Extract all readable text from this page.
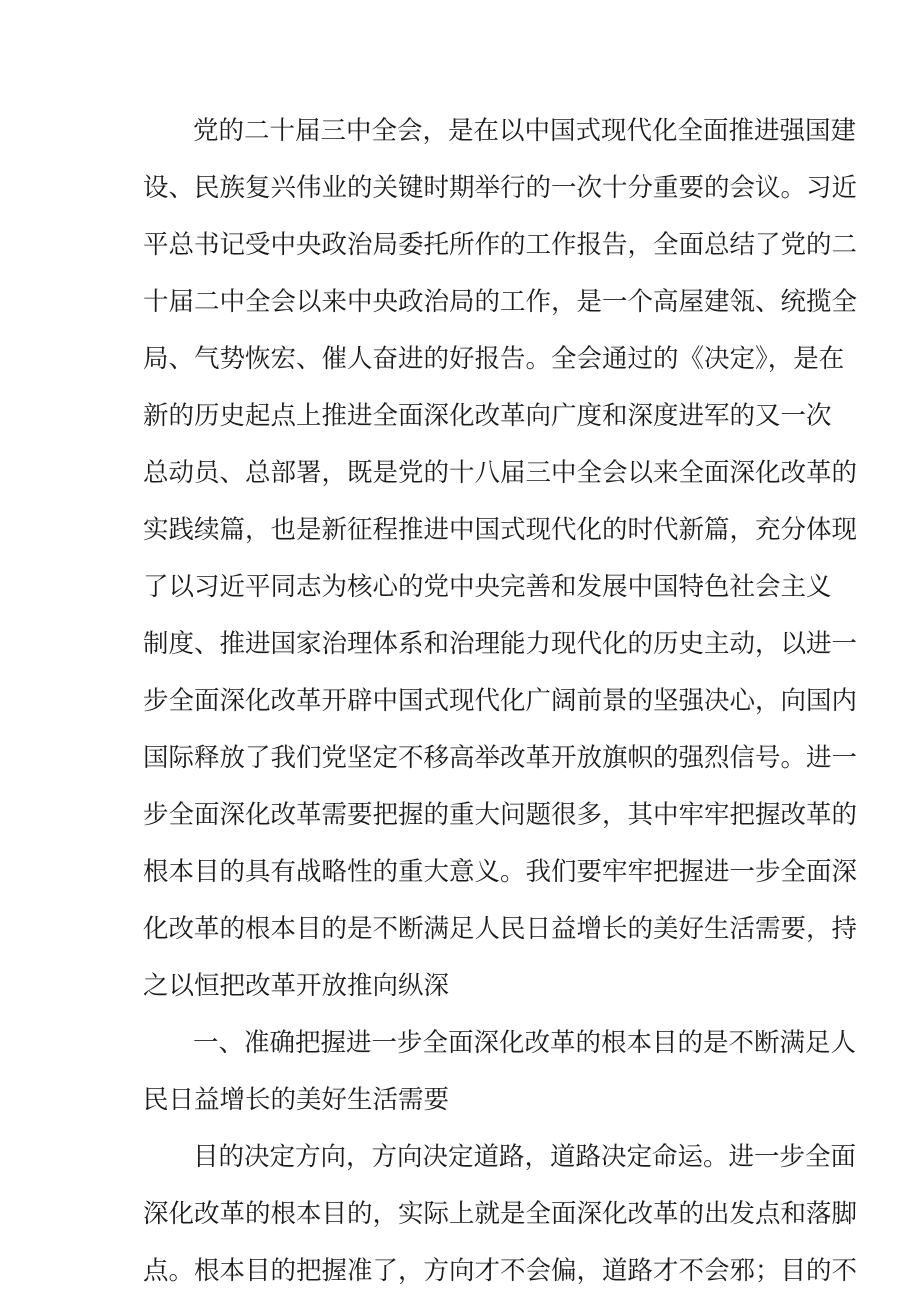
党的二十届三中全会，是在以中国式现代化全面推进强国建
设、民族复兴伟业的关键时期举行的一次十分重要的会议。习近
平总书记受中央政治局委托所作的工作报告，全面总结了党的二
十届二中全会以来中央政治局的工作，是一个高屋建瓴、统揽全
局、气势恢宏、催人奋进的好报告。全会通过的《决定》，是在
新的历史起点上推进全面深化改革向广度和深度进军的又一次
总动员、总部署，既是党的十八届三中全会以来全面深化改革的
实践续篇，也是新征程推进中国式现代化的时代新篇，充分体现
了以习近平同志为核心的党中央完善和发展中国特色社会主义
制度、推进国家治理体系和治理能力现代化的历史主动，以进一
步全面深化改革开辟中国式现代化广阔前景的坚强决心，向国内
国际释放了我们党坚定不移高举改革开放旗帜的强烈信号。进一
步全面深化改革需要把握的重大问题很多，其中牢牢把握改革的
根本目的具有战略性的重大意义。我们要牢牢把握进一步全面深
化改革的根本目的是不断满足人民日益增长的美好生活需要，持
之以恒把改革开放推向纵深
一、准确把握进一步全面深化改革的根本目的是不断满足人
民日益增长的美好生活需要
目的决定方向，方向决定道路，道路决定命运。进一步全面
深化改革的根本目的，实际上就是全面深化改革的出发点和落脚
点。根本目的把握准了，方向才不会偏，道路才不会邪；目的不
